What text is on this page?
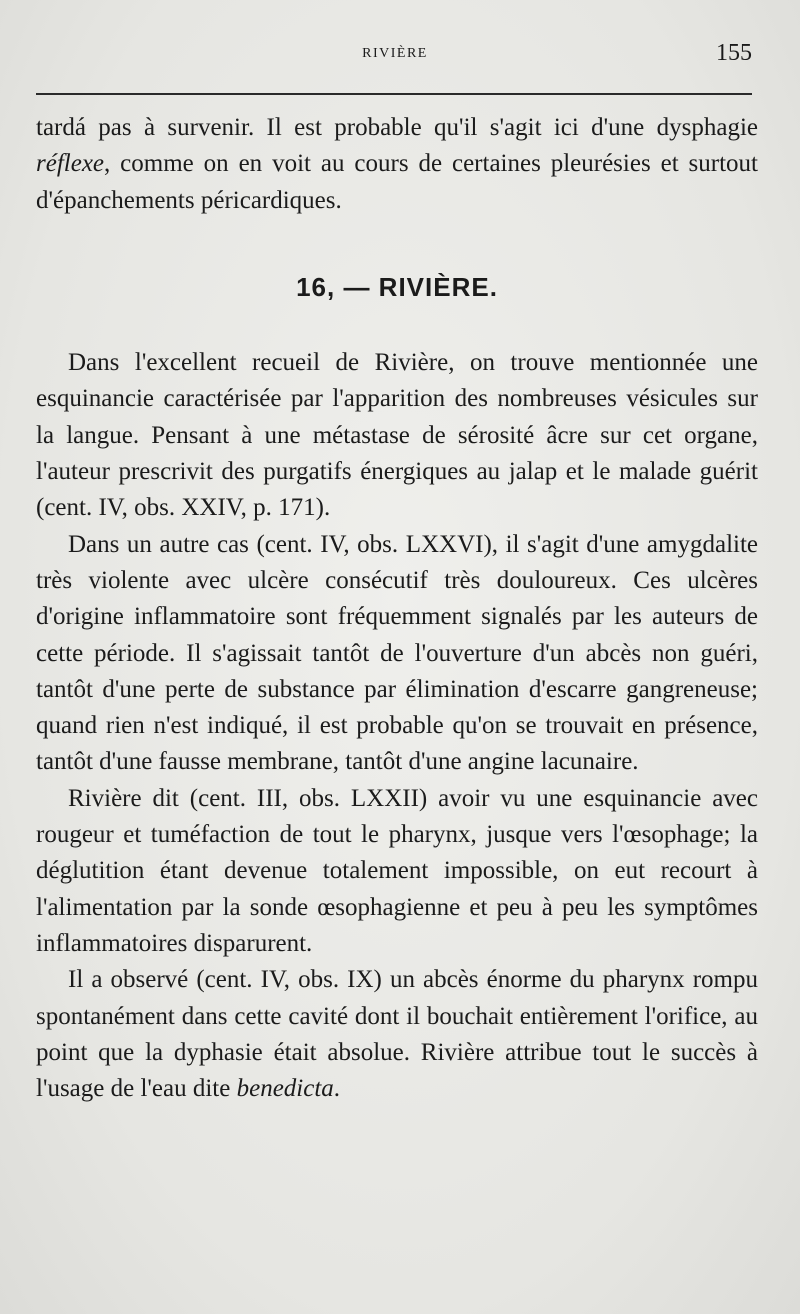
RIVIÈRE	155

tardá pas à survenir. Il est probable qu'il s'agit ici d'une dysphagie réflexe, comme on en voit au cours de certaines pleurésies et surtout d'épanchements péricardiques.

16, — RIVIÈRE.

Dans l'excellent recueil de Rivière, on trouve mentionnée une esquinancie caractérisée par l'apparition des nombreuses vésicules sur la langue. Pensant à une métastase de sérosité âcre sur cet organe, l'auteur prescrivit des purgatifs énergiques au jalap et le malade guérit (cent. IV, obs. XXIV, p. 171).

Dans un autre cas (cent. IV, obs. LXXVI), il s'agit d'une amygdalite très violente avec ulcère consécutif très douloureux. Ces ulcères d'origine inflammatoire sont fréquemment signalés par les auteurs de cette période. Il s'agissait tantôt de l'ouverture d'un abcès non guéri, tantôt d'une perte de substance par élimination d'escarre gangreneuse; quand rien n'est indiqué, il est probable qu'on se trouvait en présence, tantôt d'une fausse membrane, tantôt d'une angine lacunaire.

Rivière dit (cent. III, obs. LXXII) avoir vu une esquinancie avec rougeur et tuméfaction de tout le pharynx, jusque vers l'œsophage; la déglutition étant devenue totalement impossible, on eut recourt à l'alimentation par la sonde œsophagienne et peu à peu les symptômes inflammatoires disparurent.

Il a observé (cent. IV, obs. IX) un abcès énorme du pharynx rompu spontanément dans cette cavité dont il bouchait entièrement l'orifice, au point que la dyphasie était absolue. Rivière attribue tout le succès à l'usage de l'eau dite benedicta.
